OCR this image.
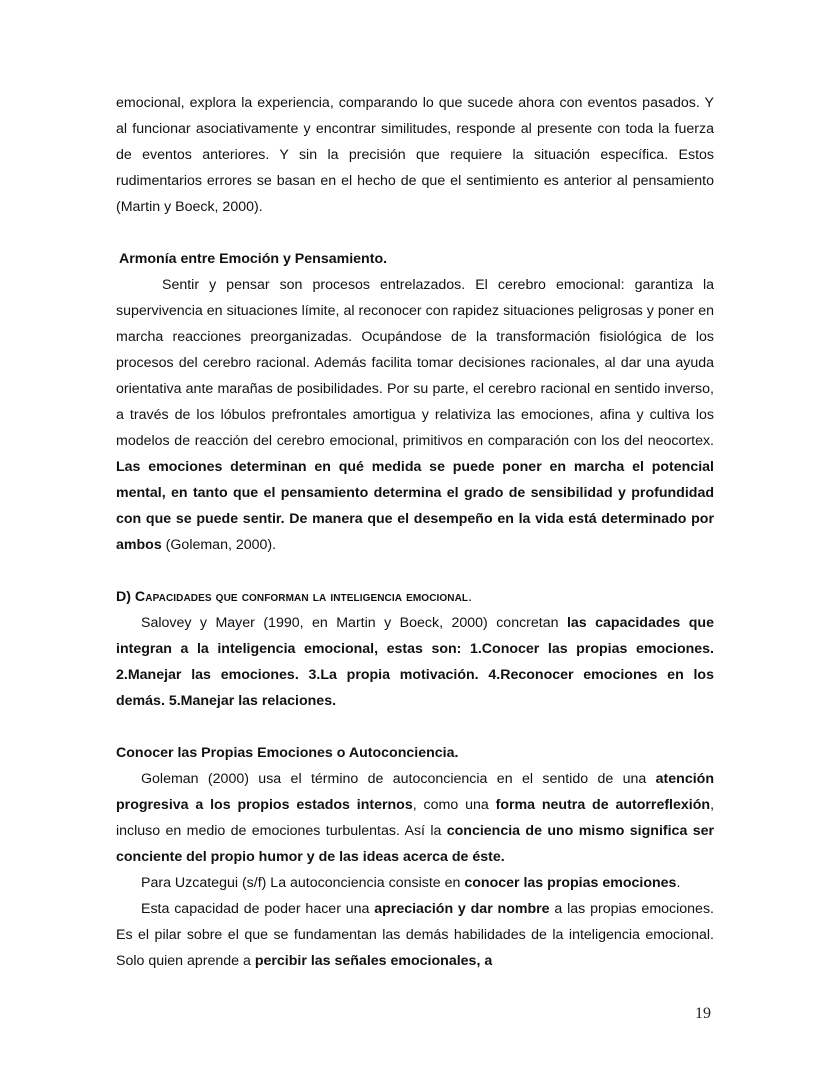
emocional, explora la experiencia, comparando lo que sucede ahora con eventos pasados. Y al funcionar asociativamente y encontrar similitudes, responde al presente con toda la fuerza de eventos anteriores. Y sin la precisión que requiere la situación específica. Estos rudimentarios errores se basan en el hecho de que el sentimiento es anterior al pensamiento (Martin y Boeck, 2000).

Armonía entre Emoción y Pensamiento.

Sentir y pensar son procesos entrelazados. El cerebro emocional: garantiza la supervivencia en situaciones límite, al reconocer con rapidez situaciones peligrosas y poner en marcha reacciones preorganizadas. Ocupándose de la transformación fisiológica de los procesos del cerebro racional. Además facilita tomar decisiones racionales, al dar una ayuda orientativa ante marañas de posibilidades. Por su parte, el cerebro racional en sentido inverso, a través de los lóbulos prefrontales amortigua y relativiza las emociones, afina y cultiva los modelos de reacción del cerebro emocional, primitivos en comparación con los del neocortex. Las emociones determinan en qué medida se puede poner en marcha el potencial mental, en tanto que el pensamiento determina el grado de sensibilidad y profundidad con que se puede sentir. De manera que el desempeño en la vida está determinado por ambos (Goleman, 2000).

D) Capacidades que conforman la inteligencia emocional.

Salovey y Mayer (1990, en Martin y Boeck, 2000) concretan las capacidades que integran a la inteligencia emocional, estas son: 1.Conocer las propias emociones. 2.Manejar las emociones. 3.La propia motivación. 4.Reconocer emociones en los demás. 5.Manejar las relaciones.

Conocer las Propias Emociones o Autoconciencia.

Goleman (2000) usa el término de autoconciencia en el sentido de una atención progresiva a los propios estados internos, como una forma neutra de autorreflexión, incluso en medio de emociones turbulentas. Así la conciencia de uno mismo significa ser conciente del propio humor y de las ideas acerca de éste.

Para Uzcategui (s/f) La autoconciencia consiste en conocer las propias emociones.

Esta capacidad de poder hacer una apreciación y dar nombre a las propias emociones. Es el pilar sobre el que se fundamentan las demás habilidades de la inteligencia emocional. Solo quien aprende a percibir las señales emocionales, a

19
